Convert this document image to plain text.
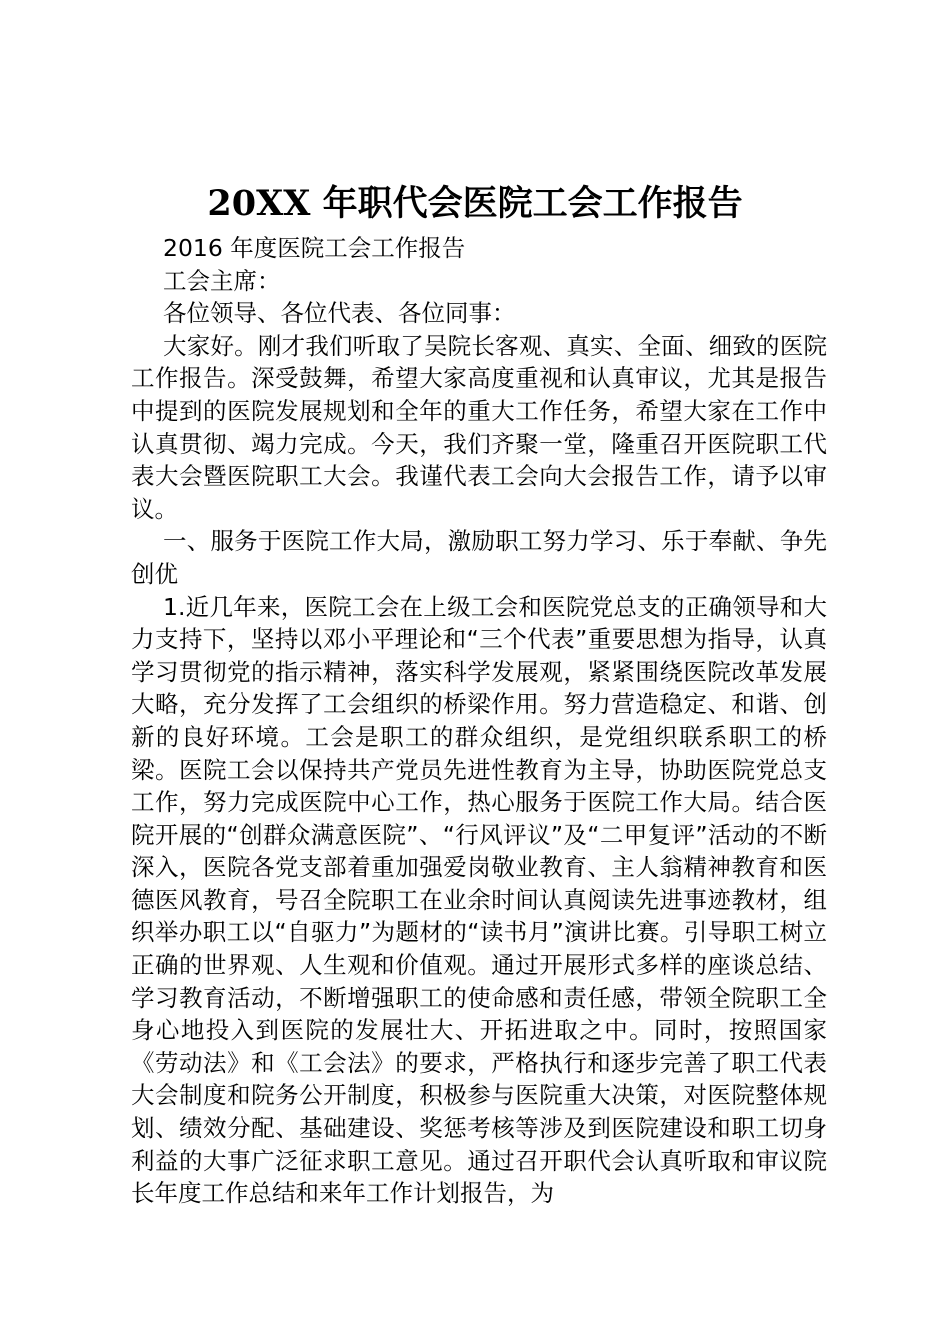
20XX 年职代会医院工会工作报告

2016 年度医院工会工作报告

工会主席：

各位领导、各位代表、各位同事：

大家好。刚才我们听取了吴院长客观、真实、全面、细致的医院工作报告。深受鼓舞，希望大家高度重视和认真审议，尤其是报告中提到的医院发展规划和全年的重大工作任务，希望大家在工作中认真贯彻、竭力完成。今天，我们齐聚一堂，隆重召开医院职工代表大会暨医院职工大会。我谨代表工会向大会报告工作，请予以审议。

一、服务于医院工作大局，激励职工努力学习、乐于奉献、争先创优

1.近几年来，医院工会在上级工会和医院党总支的正确领导和大力支持下，坚持以邓小平理论和“三个代表”重要思想为指导，认真学习贯彻党的指示精神，落实科学发展观，紧紧围绕医院改革发展大略，充分发挥了工会组织的桥梁作用。努力营造稳定、和谐、创新的良好环境。工会是职工的群众组织，是党组织联系职工的桥梁。医院工会以保持共产党员先进性教育为主导，协助医院党总支工作，努力完成医院中心工作，热心服务于医院工作大局。结合医院开展的“创群众满意医院”、“行风评议”及“二甲复评”活动的不断深入，医院各党支部着重加强爱岗敬业教育、主人翁精神教育和医德医风教育，号召全院职工在业余时间认真阅读先进事迹教材，组织举办职工以“自驱力”为题材的“读书月”演讲比赛。引导职工树立正确的世界观、人生观和价值观。通过开展形式多样的座谈总结、学习教育活动，不断增强职工的使命感和责任感，带领全院职工全身心地投入到医院的发展壮大、开拓进取之中。同时，按照国家《劳动法》和《工会法》的要求，严格执行和逐步完善了职工代表大会制度和院务公开制度，积极参与医院重大决策，对医院整体规划、绩效分配、基础建设、奖惩考核等涉及到医院建设和职工切身利益的大事广泛征求职工意见。通过召开职代会认真听取和审议院长年度工作总结和来年工作计划报告，为
